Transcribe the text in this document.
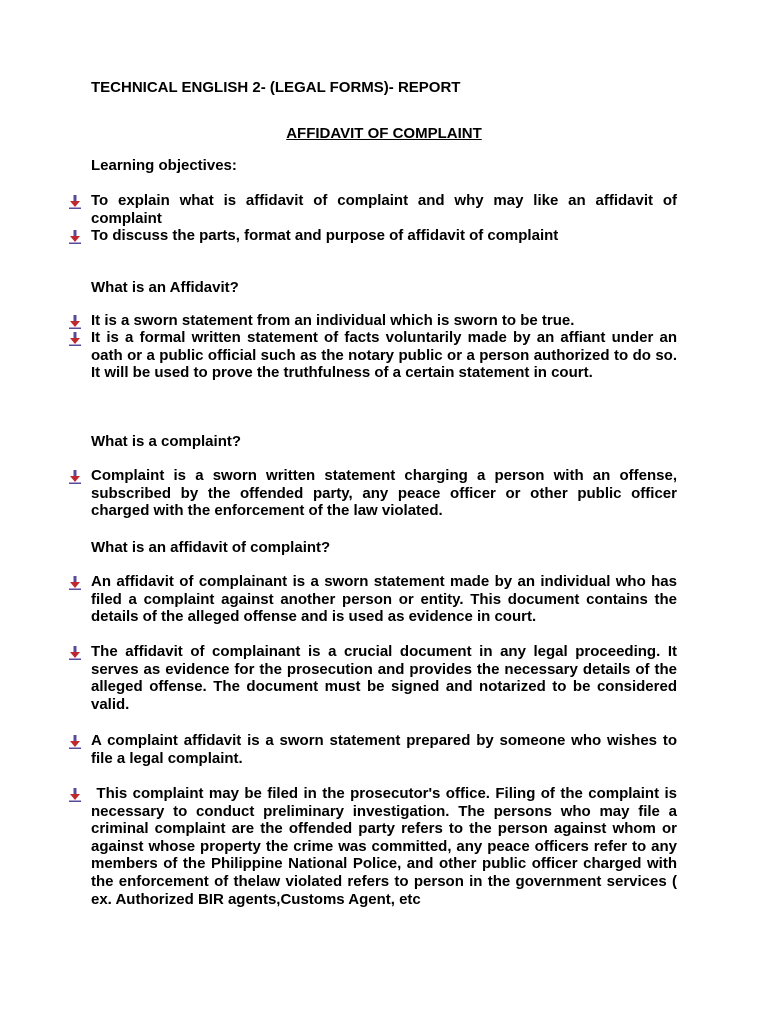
TECHNICAL ENGLISH 2- (LEGAL FORMS)- REPORT
AFFIDAVIT OF COMPLAINT
Learning objectives:
To explain what is affidavit of complaint and why may like an affidavit of complaint
To discuss the parts, format and purpose of affidavit of complaint
What is an Affidavit?
It is a sworn statement from an individual which is sworn to be true.
It is a formal written statement of facts voluntarily made by an affiant under an oath or a public official such as the notary public or a person authorized to do so. It will be used to prove the truthfulness of a certain statement in court.
What is a complaint?
Complaint is a sworn written statement charging a person with an offense, subscribed by the offended party, any peace officer or other public officer charged with the enforcement of the law violated.
What is an affidavit of complaint?
An affidavit of complainant is a sworn statement made by an individual who has filed a complaint against another person or entity. This document contains the details of the alleged offense and is used as evidence in court.
The affidavit of complainant is a crucial document in any legal proceeding. It serves as evidence for the prosecution and provides the necessary details of the alleged offense. The document must be signed and notarized to be considered valid.
A complaint affidavit is a sworn statement prepared by someone who wishes to file a legal complaint.
This complaint may be filed in the prosecutor's office. Filing of the complaint is necessary to conduct preliminary investigation. The persons who may file a criminal complaint are the offended party refers to the person against whom or against whose property the crime was committed, any peace officers refer to any members of the Philippine National Police, and other public officer charged with the enforcement of thelaw violated refers to person in the government services ( ex. Authorized BIR agents,Customs Agent, etc
